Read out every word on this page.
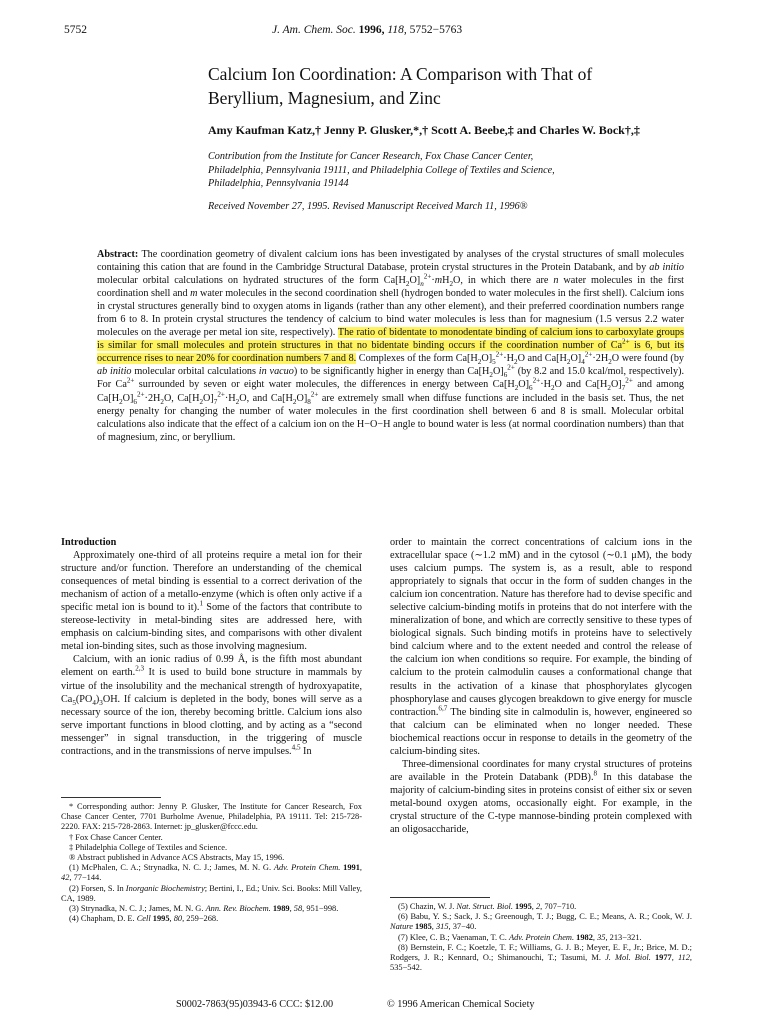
5752	J. Am. Chem. Soc. 1996, 118, 5752−5763
Calcium Ion Coordination: A Comparison with That of
Beryllium, Magnesium, and Zinc
Amy Kaufman Katz,† Jenny P. Glusker,*,† Scott A. Beebe,‡ and Charles W. Bock†,‡
Contribution from the Institute for Cancer Research, Fox Chase Cancer Center,
Philadelphia, Pennsylvania 19111, and Philadelphia College of Textiles and Science,
Philadelphia, Pennsylvania 19144
Received November 27, 1995. Revised Manuscript Received March 11, 1996®
Abstract: The coordination geometry of divalent calcium ions has been investigated by analyses of the crystal structures of small molecules containing this cation that are found in the Cambridge Structural Database, protein crystal structures in the Protein Databank, and by ab initio molecular orbital calculations on hydrated structures of the form $Ca[H_2O]_n^{2+}\cdot mH_2O$, in which there are n water molecules in the first coordination shell and m water molecules in the second coordination shell (hydrogen bonded to water molecules in the first shell). Calcium ions in crystal structures generally bind to oxygen atoms in ligands (rather than any other element), and their preferred coordination numbers range from 6 to 8. In protein crystal structures the tendency of calcium to bind water molecules is less than for magnesium (1.5 versus 2.2 water molecules on the average per metal ion site, respectively). The ratio of bidentate to monodentate binding of calcium ions to carboxylate groups is similar for small molecules and protein structures in that no bidentate binding occurs if the coordination number of $Ca^{2+}$ is 6, but its occurrence rises to near 20% for coordination numbers 7 and 8. Complexes of the form $Ca[H_2O]_5^{2+}\cdot H_2O$ and $Ca[H_2O]_4^{2+}\cdot 2H_2O$ were found (by ab initio molecular orbital calculations in vacuo) to be significantly higher in energy than $Ca[H_2O]_6^{2+}$ (by 8.2 and 15.0 kcal/mol, respectively). For $Ca^{2+}$ surrounded by seven or eight water molecules, the differences in energy between $Ca[H_2O]_6^{2+}\cdot H_2O$ and $Ca[H_2O]_7^{2+}$ and among $Ca[H_2O]_6^{2+}\cdot 2H_2O$, $Ca[H_2O]_7^{2+}\cdot H_2O$, and $Ca[H_2O]_8^{2+}$ are extremely small when diffuse functions are included in the basis set. Thus, the net energy penalty for changing the number of water molecules in the first coordination shell between 6 and 8 is small. Molecular orbital calculations also indicate that the effect of a calcium ion on the H−O−H angle to bound water is less (at normal coordination numbers) than that of magnesium, zinc, or beryllium.

Introduction

Approximately one-third of all proteins require a metal ion for their structure and/or function. Therefore an understanding of the chemical consequences of metal binding is essential to a correct derivation of the mechanism of action of a metallo-enzyme (which is often only active if a specific metal ion is bound to it).$^1$ Some of the factors that contribute to stereose-lectivity in metal-binding sites are addressed here, with emphasis on calcium-binding sites, and comparisons with other divalent metal ion-binding sites, such as those involving magnesium.

Calcium, with an ionic radius of 0.99 Å, is the fifth most abundant element on earth.$^{2,3}$ It is used to build bone structure in mammals by virtue of the insolubility and the mechanical strength of hydroxyapatite, $Ca_5(PO_4)_3OH$. If calcium is depleted in the body, bones will serve as a necessary source of the ion, thereby becoming brittle. Calcium ions also serve important functions in blood clotting, and by acting as a “second messenger” in signal transduction, in the triggering of muscle contractions, and in the transmissions of nerve impulses.$^{4,5}$ In

* Corresponding author: Jenny P. Glusker, The Institute for Cancer Research, Fox Chase Cancer Center, 7701 Burholme Avenue, Philadelphia, PA 19111. Tel: 215-728-2220. FAX: 215-728-2863. Internet: jp_glusker@fccc.edu.

† Fox Chase Cancer Center.

‡ Philadelphia College of Textiles and Science.

® Abstract published in Advance ACS Abstracts, May 15, 1996.

(1) McPhalen, C. A.; Strynadka, N. C. J.; James, M. N. G. Adv. Protein Chem. 1991, 42, 77−144.

(2) Forsen, S. In Inorganic Biochemistry; Bertini, I., Ed.; Univ. Sci. Books: Mill Valley, CA, 1989.

(3) Strynadka, N. C. J.; James, M. N. G. Ann. Rev. Biochem. 1989, 58, 951−998.

(4) Chapham, D. E. Cell 1995, 80, 259−268.

order to maintain the correct concentrations of calcium ions in the extracellular space (∼1.2 mM) and in the cytosol (∼0.1 μM), the body uses calcium pumps. The system is, as a result, able to respond appropriately to signals that occur in the form of sudden changes in the calcium ion concentration. Nature has therefore had to devise specific and selective calcium-binding motifs in proteins that do not interfere with the mineralization of bone, and which are correctly sensitive to these types of biological signals. Such binding motifs in proteins have to selectively bind calcium where and to the extent needed and control the release of the calcium ion when conditions so require. For example, the binding of calcium to the protein calmodulin causes a conformational change that results in the activation of a kinase that phosphorylates glycogen phosphorylase and causes glycogen breakdown to give energy for muscle contraction.$^{6,7}$ The binding site in calmodulin is, however, engineered so that calcium can be eliminated when no longer needed. These biochemical reactions occur in response to details in the geometry of the calcium-binding sites.

Three-dimensional coordinates for many crystal structures of proteins are available in the Protein Databank (PDB).$^8$ In this database the majority of calcium-binding sites in proteins consist of either six or seven metal-bound oxygen atoms, occasionally eight. For example, in the crystal structure of the C-type mannose-binding protein complexed with an oligosaccharide,

(5) Chazin, W. J. Nat. Struct. Biol. 1995, 2, 707−710.

(6) Babu, Y. S.; Sack, J. S.; Greenough, T. J.; Bugg, C. E.; Means, A. R.; Cook, W. J. Nature 1985, 315, 37−40.

(7) Klee, C. B.; Vaenaman, T. C. Adv. Protein Chem. 1982, 35, 213−321.

(8) Bernstein, F. C.; Koetzle, T. F.; Williams, G. J. B.; Meyer, E. F., Jr.; Brice, M. D.; Rodgers, J. R.; Kennard, O.; Shimanouchi, T.; Tasumi, M. J. Mol. Biol. 1977, 112, 535−542.

S0002-7863(95)03943-6 CCC: $12.00	© 1996 American Chemical Society
